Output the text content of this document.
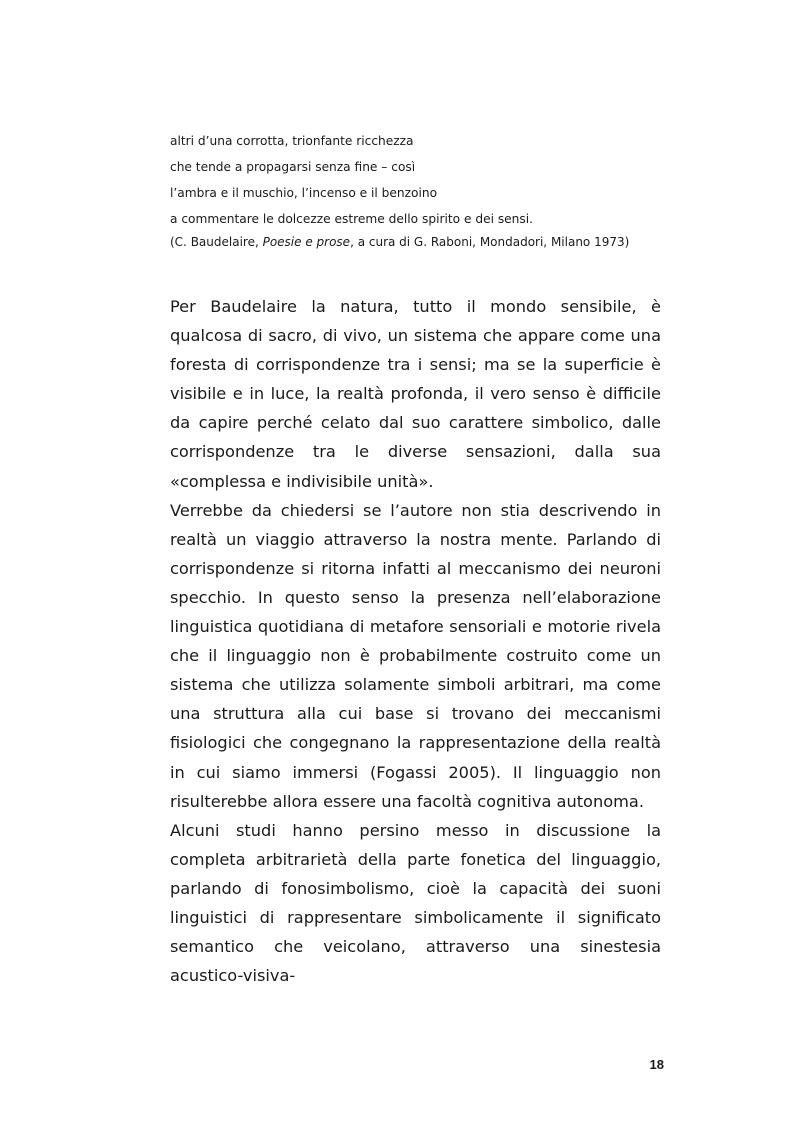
altri d’una corrotta, trionfante ricchezza
che tende a propagarsi senza fine – così
l’ambra e il muschio, l’incenso e il benzoino
a commentare le dolcezze estreme dello spirito e dei sensi.
(C. Baudelaire, Poesie e prose, a cura di G. Raboni, Mondadori, Milano 1973)

Per Baudelaire la natura, tutto il mondo sensibile, è qualcosa di sacro, di vivo, un sistema che appare come una foresta di corrispondenze tra i sensi; ma se la superficie è visibile e in luce, la realtà profonda, il vero senso è difficile da capire perché celato dal suo carattere simbolico, dalle corrispondenze tra le diverse sensazioni, dalla sua «complessa e indivisibile unità».

Verrebbe da chiedersi se l’autore non stia descrivendo in realtà un viaggio attraverso la nostra mente. Parlando di corrispondenze si ritorna infatti al meccanismo dei neuroni specchio. In questo senso la presenza nell’elaborazione linguistica quotidiana di metafore sensoriali e motorie rivela che il linguaggio non è probabilmente costruito come un sistema che utilizza solamente simboli arbitrari, ma come una struttura alla cui base si trovano dei meccanismi fisiologici che congegnano la rappresentazione della realtà in cui siamo immersi (Fogassi 2005). Il linguaggio non risulterebbe allora essere una facoltà cognitiva autonoma.

Alcuni studi hanno persino messo in discussione la completa arbitrarietà della parte fonetica del linguaggio, parlando di fonosimbolismo, cioè la capacità dei suoni linguistici di rappresentare simbolicamente il significato semantico che veicolano, attraverso una sinestesia acustico-visiva-

18
